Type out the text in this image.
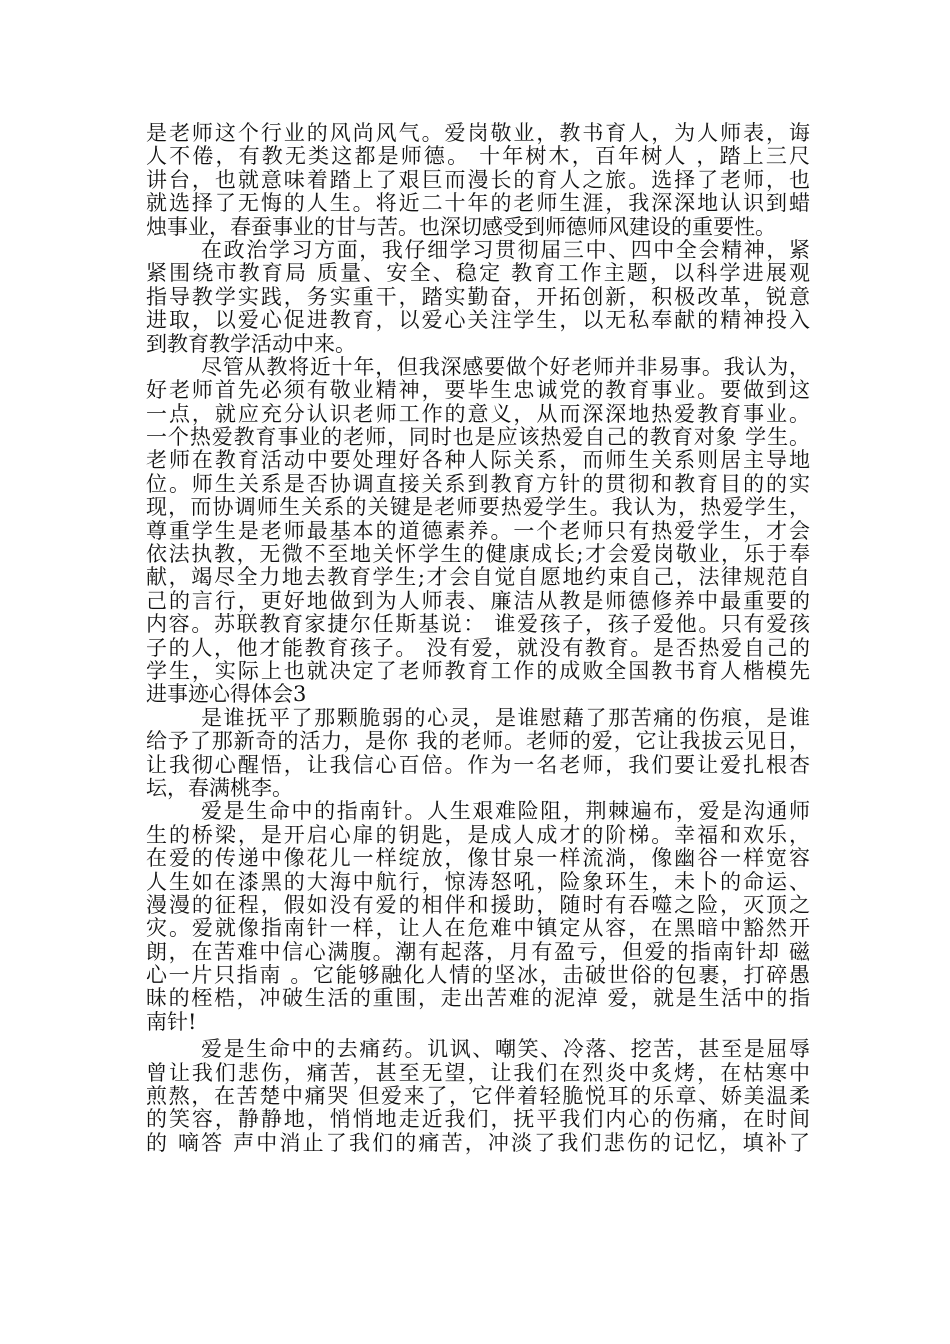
是老师这个行业的风尚风气。爱岗敬业，教书育人，为人师表，诲
人不倦，有教无类这都是师德。 十年树木，百年树人 ，踏上三尺
讲台，也就意味着踏上了艰巨而漫长的育人之旅。选择了老师，也
就选择了无悔的人生。将近二十年的老师生涯，我深深地认识到蜡
烛事业，春蚕事业的甘与苦。也深切感受到师德师风建设的重要性。
在政治学习方面，我仔细学习贯彻届三中、四中全会精神，紧
紧围绕市教育局 质量、安全、稳定 教育工作主题，以科学进展观
指导教学实践，务实重干，踏实勤奋，开拓创新，积极改革，锐意
进取，以爱心促进教育，以爱心关注学生，以无私奉献的精神投入
到教育教学活动中来。
尽管从教将近十年，但我深感要做个好老师并非易事。我认为，
好老师首先必须有敬业精神，要毕生忠诚党的教育事业。要做到这
一点，就应充分认识老师工作的意义，从而深深地热爱教育事业。
一个热爱教育事业的老师，同时也是应该热爱自己的教育对象 学生。
老师在教育活动中要处理好各种人际关系，而师生关系则居主导地
位。师生关系是否协调直接关系到教育方针的贯彻和教育目的的实
现，而协调师生关系的关键是老师要热爱学生。我认为，热爱学生，
尊重学生是老师最基本的道德素养。一个老师只有热爱学生，才会
依法执教，无微不至地关怀学生的健康成长;才会爱岗敬业，乐于奉
献，竭尽全力地去教育学生;才会自觉自愿地约束自己，法律规范自
己的言行，更好地做到为人师表、廉洁从教是师德修养中最重要的
内容。苏联教育家捷尔任斯基说： 谁爱孩子，孩子爱他。只有爱孩
子的人，他才能教育孩子。 没有爱，就没有教育。是否热爱自己的
学生，实际上也就决定了老师教育工作的成败全国教书育人楷模先
进事迹心得体会3
是谁抚平了那颗脆弱的心灵，是谁慰藉了那苦痛的伤痕，是谁
给予了那新奇的活力，是你 我的老师。老师的爱，它让我拔云见日，
让我彻心醒悟，让我信心百倍。作为一名老师，我们要让爱扎根杏
坛，春满桃李。
爱是生命中的指南针。人生艰难险阻，荆棘遍布，爱是沟通师
生的桥梁，是开启心扉的钥匙，是成人成才的阶梯。幸福和欢乐，
在爱的传递中像花儿一样绽放，像甘泉一样流淌，像幽谷一样宽容
人生如在漆黑的大海中航行，惊涛怒吼，险象环生，未卜的命运、
漫漫的征程，假如没有爱的相伴和援助，随时有吞噬之险，灭顶之
灾。爱就像指南针一样，让人在危难中镇定从容，在黑暗中豁然开
朗，在苦难中信心满腹。潮有起落，月有盈亏，但爱的指南针却 磁
心一片只指南 。它能够融化人情的坚冰，击破世俗的包裹，打碎愚
昧的桎梏，冲破生活的重围，走出苦难的泥淖 爱，就是生活中的指
南针!
爱是生命中的去痛药。讥讽、嘲笑、冷落、挖苦，甚至是屈辱
曾让我们悲伤，痛苦，甚至无望，让我们在烈炎中炙烤，在枯寒中
煎熬，在苦楚中痛哭 但爱来了，它伴着轻脆悦耳的乐章、娇美温柔
的笑容，静静地，悄悄地走近我们，抚平我们内心的伤痛，在时间
的 嘀答 声中消止了我们的痛苦，冲淡了我们悲伤的记忆，填补了
